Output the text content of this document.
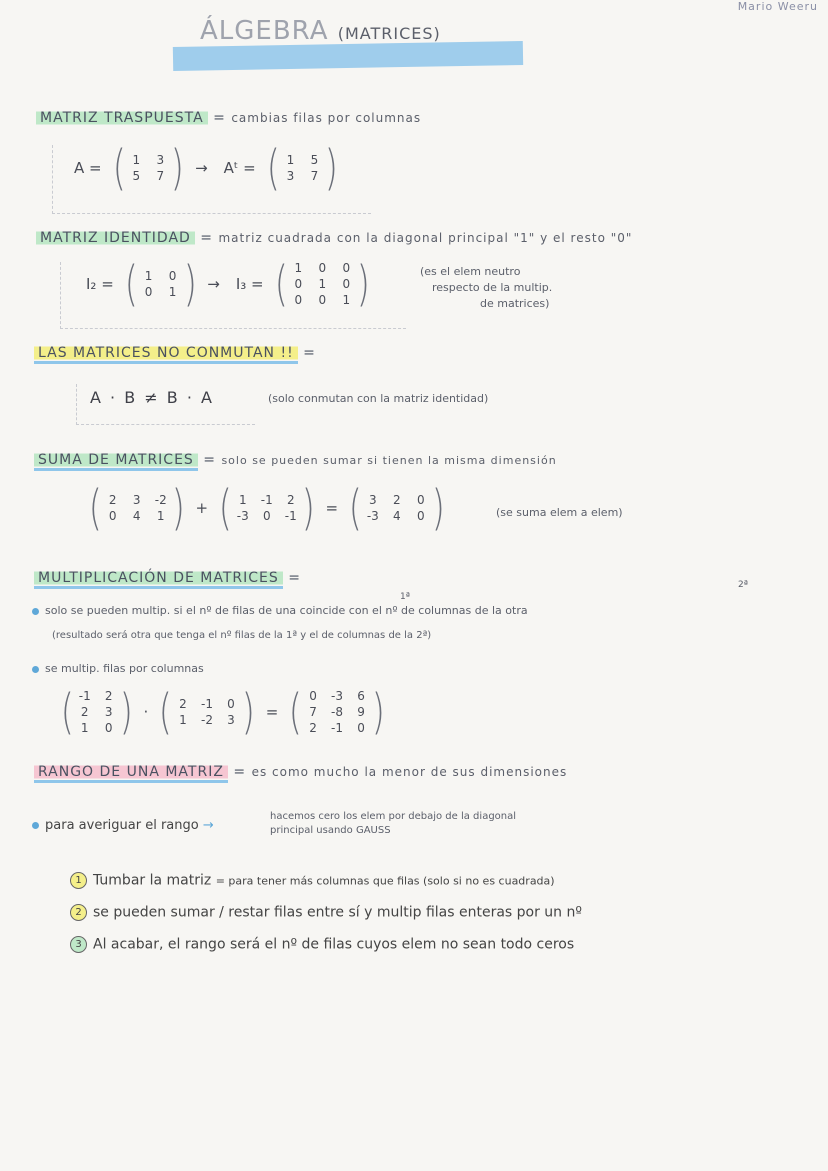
Mario Weeru
ÁLGEBRA (MATRICES)
MATRIZ TRASPUESTA = cambias filas por columnas
A = ( 1 3
5 7 ) → Aᵗ = ( 1 5
3 7 )
MATRIZ IDENTIDAD = matriz cuadrada con la diagonal principal "1" y el resto "0"
I₂ = ( 1 0
0 1 ) → I₃ = ( 1 0 0
0 1 0
0 0 1 )	(es el elem neutro
respecto de la multip.
de matrices)
LAS MATRICES NO CONMUTAN !! =
A · B ≠ B · A	(solo conmutan con la matriz identidad)
SUMA DE MATRICES = solo se pueden sumar si tienen la misma dimensión
( 2 3 -2
0 4 1 ) + ( 1 -1 2
-3 0 -1 ) = ( 3 2 0
-3 4 0 )	(se suma elem a elem)
MULTIPLICACIÓN DE MATRICES =
1ª
2ª
solo se pueden multip. si el nº de filas de una coincide con el nº de columnas de la otra
(resultado será otra que tenga el nº filas de la 1ª y el de columnas de la 2ª)
se multip. filas por columnas
( -1 2
2 3
1 0 ) · ( 2 -1 0
1 -2 3 ) = ( 0 -3 6
7 -8 9
2 -1 0 )
RANGO DE UNA MATRIZ = es como mucho la menor de sus dimensiones
para averiguar el rango →
hacemos cero los elem por debajo de la diagonal
principal usando GAUSS
1 Tumbar la matriz = para tener más columnas que filas (solo si no es cuadrada)
2 se pueden sumar / restar filas entre sí y multip filas enteras por un nº
3 Al acabar, el rango será el nº de filas cuyos elem no sean todo ceros
